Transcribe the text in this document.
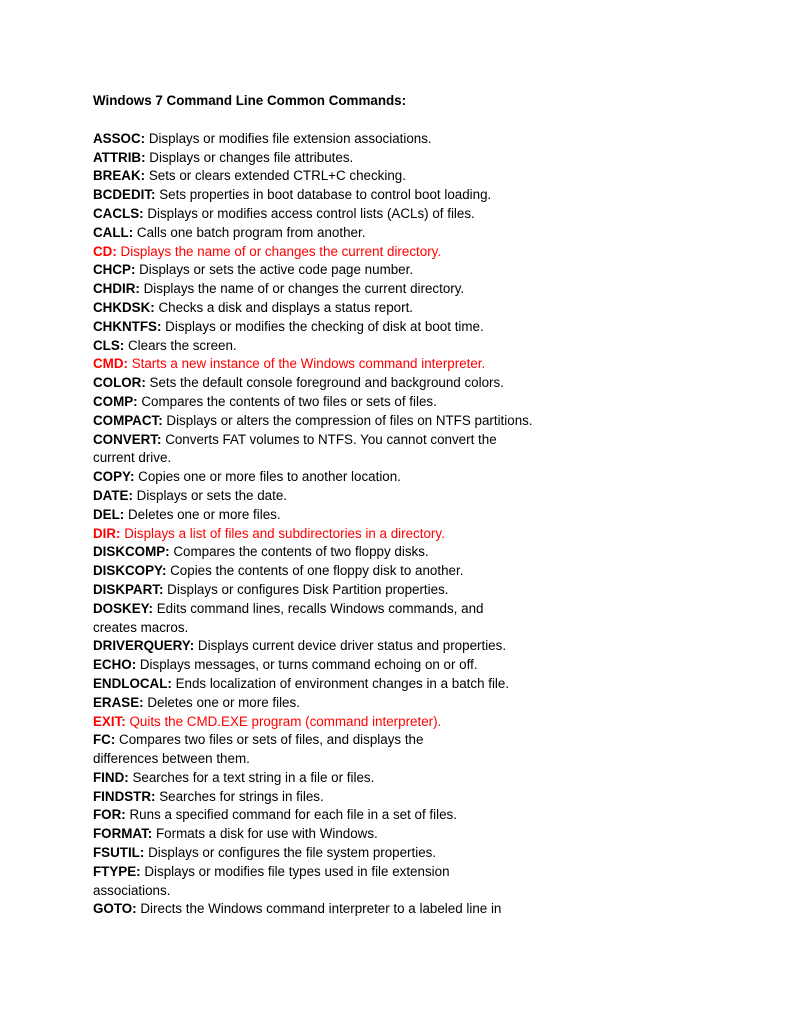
Windows 7 Command Line Common Commands:
ASSOC: Displays or modifies file extension associations.
ATTRIB: Displays or changes file attributes.
BREAK: Sets or clears extended CTRL+C checking.
BCDEDIT: Sets properties in boot database to control boot loading.
CACLS: Displays or modifies access control lists (ACLs) of files.
CALL: Calls one batch program from another.
CD: Displays the name of or changes the current directory.
CHCP: Displays or sets the active code page number.
CHDIR: Displays the name of or changes the current directory.
CHKDSK: Checks a disk and displays a status report.
CHKNTFS: Displays or modifies the checking of disk at boot time.
CLS: Clears the screen.
CMD: Starts a new instance of the Windows command interpreter.
COLOR: Sets the default console foreground and background colors.
COMP: Compares the contents of two files or sets of files.
COMPACT: Displays or alters the compression of files on NTFS partitions.
CONVERT: Converts FAT volumes to NTFS. You cannot convert the
current drive.
COPY: Copies one or more files to another location.
DATE: Displays or sets the date.
DEL: Deletes one or more files.
DIR: Displays a list of files and subdirectories in a directory.
DISKCOMP: Compares the contents of two floppy disks.
DISKCOPY: Copies the contents of one floppy disk to another.
DISKPART: Displays or configures Disk Partition properties.
DOSKEY: Edits command lines, recalls Windows commands, and
creates macros.
DRIVERQUERY: Displays current device driver status and properties.
ECHO: Displays messages, or turns command echoing on or off.
ENDLOCAL: Ends localization of environment changes in a batch file.
ERASE: Deletes one or more files.
EXIT: Quits the CMD.EXE program (command interpreter).
FC: Compares two files or sets of files, and displays the
differences between them.
FIND: Searches for a text string in a file or files.
FINDSTR: Searches for strings in files.
FOR: Runs a specified command for each file in a set of files.
FORMAT: Formats a disk for use with Windows.
FSUTIL: Displays or configures the file system properties.
FTYPE: Displays or modifies file types used in file extension
associations.
GOTO: Directs the Windows command interpreter to a labeled line in
